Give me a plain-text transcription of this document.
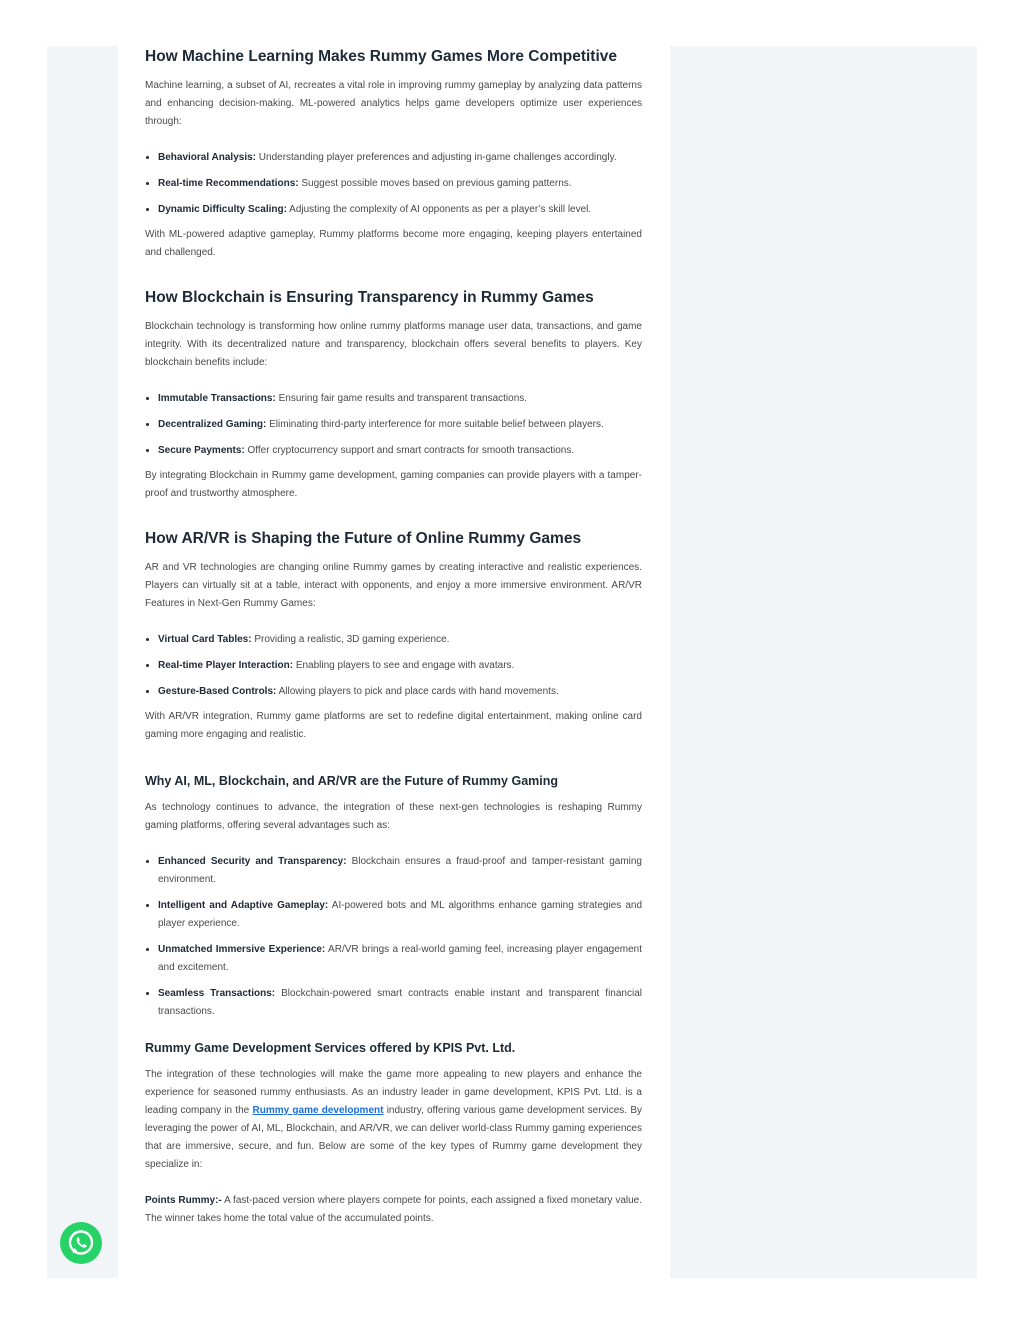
How Machine Learning Makes Rummy Games More Competitive

Machine learning, a subset of AI, recreates a vital role in improving rummy gameplay by analyzing data patterns and enhancing decision-making. ML-powered analytics helps game developers optimize user experiences through:

• Behavioral Analysis: Understanding player preferences and adjusting in-game challenges accordingly.
• Real-time Recommendations: Suggest possible moves based on previous gaming patterns.
• Dynamic Difficulty Scaling: Adjusting the complexity of AI opponents as per a player’s skill level.

With ML-powered adaptive gameplay, Rummy platforms become more engaging, keeping players entertained and challenged.

How Blockchain is Ensuring Transparency in Rummy Games

Blockchain technology is transforming how online rummy platforms manage user data, transactions, and game integrity. With its decentralized nature and transparency, blockchain offers several benefits to players. Key blockchain benefits include:

• Immutable Transactions: Ensuring fair game results and transparent transactions.
• Decentralized Gaming: Eliminating third-party interference for more suitable belief between players.
• Secure Payments: Offer cryptocurrency support and smart contracts for smooth transactions.

By integrating Blockchain in Rummy game development, gaming companies can provide players with a tamper-proof and trustworthy atmosphere.

How AR/VR is Shaping the Future of Online Rummy Games

AR and VR technologies are changing online Rummy games by creating interactive and realistic experiences. Players can virtually sit at a table, interact with opponents, and enjoy a more immersive environment. AR/VR Features in Next-Gen Rummy Games:

• Virtual Card Tables: Providing a realistic, 3D gaming experience.
• Real-time Player Interaction: Enabling players to see and engage with avatars.
• Gesture-Based Controls: Allowing players to pick and place cards with hand movements.

With AR/VR integration, Rummy game platforms are set to redefine digital entertainment, making online card gaming more engaging and realistic.

Why AI, ML, Blockchain, and AR/VR are the Future of Rummy Gaming

As technology continues to advance, the integration of these next-gen technologies is reshaping Rummy gaming platforms, offering several advantages such as:

• Enhanced Security and Transparency: Blockchain ensures a fraud-proof and tamper-resistant gaming environment.
• Intelligent and Adaptive Gameplay: AI-powered bots and ML algorithms enhance gaming strategies and player experience.
• Unmatched Immersive Experience: AR/VR brings a real-world gaming feel, increasing player engagement and excitement.
• Seamless Transactions: Blockchain-powered smart contracts enable instant and transparent financial transactions.
Rummy Game Development Services offered by KPIS Pvt. Ltd.

The integration of these technologies will make the game more appealing to new players and enhance the experience for seasoned rummy enthusiasts. As an industry leader in game development, KPIS Pvt. Ltd. is a leading company in the Rummy game development industry, offering various game development services. By leveraging the power of AI, ML, Blockchain, and AR/VR, we can deliver world-class Rummy gaming experiences that are immersive, secure, and fun. Below are some of the key types of Rummy game development they specialize in:

Points Rummy:- A fast-paced version where players compete for points, each assigned a fixed monetary value. The winner takes home the total value of the accumulated points.
